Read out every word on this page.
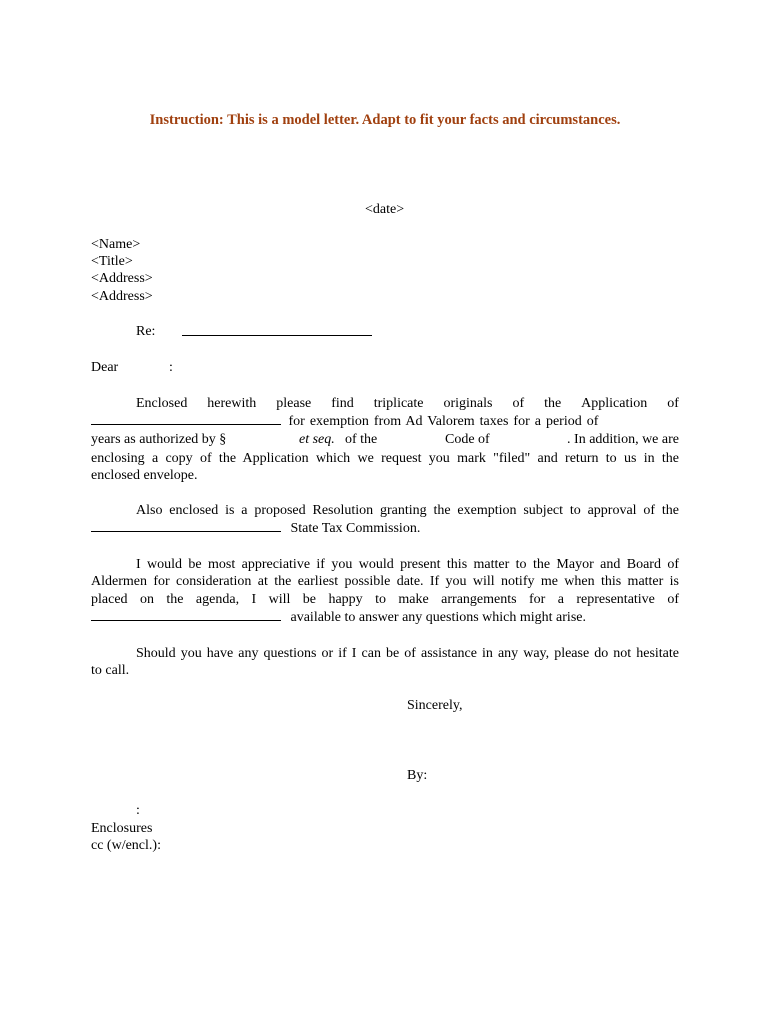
Instruction: This is a model letter. Adapt to fit your facts and circumstances.
<date>
<Name>
<Title>
<Address>
<Address>
Re:
Dear	:
Enclosed herewith please find triplicate originals of the Application of
for exemption from Ad Valorem taxes for a period of
years as authorized by §	et seq. of the	Code of	. In addition, we are
enclosing a copy of the Application which we request you mark "filed" and return to us in the
enclosed envelope.
Also enclosed is a proposed Resolution granting the exemption subject to approval of the
State Tax Commission.
I would be most appreciative if you would present this matter to the Mayor and Board of
Aldermen for consideration at the earliest possible date. If you will notify me when this matter is
placed on the agenda, I will be happy to make arrangements for a representative of
available to answer any questions which might arise.
Should you have any questions or if I can be of assistance in any way, please do not hesitate
to call.
Sincerely,
By:
:
Enclosures
cc (w/encl.):
